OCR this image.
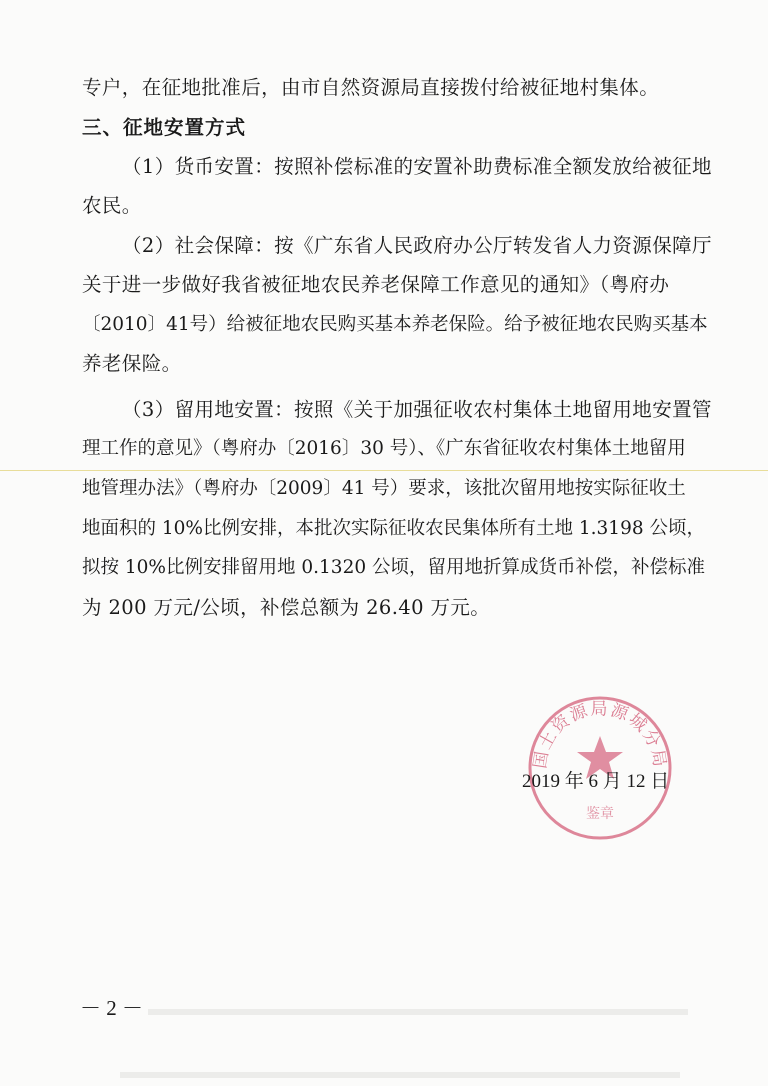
专户，在征地批准后，由市自然资源局直接拨付给被征地村集体。
三、征地安置方式
（1）货币安置：按照补偿标准的安置补助费标准全额发放给被征地
农民。
（2）社会保障：按《广东省人民政府办公厅转发省人力资源保障厅
关于进一步做好我省被征地农民养老保障工作意见的通知》（粤府办
〔2010〕41号）给被征地农民购买基本养老保险。给予被征地农民购买基本
养老保险。
（3）留用地安置：按照《关于加强征收农村集体土地留用地安置管
理工作的意见》（粤府办〔2016〕30 号）、《广东省征收农村集体土地留用
地管理办法》（粤府办〔2009〕41 号）要求，该批次留用地按实际征收土
地面积的 10%比例安排，本批次实际征收农民集体所有土地 1.3198 公顷，
拟按 10%比例安排留用地 0.1320 公顷，留用地折算成货币补偿，补偿标准
为 200 万元/公顷，补偿总额为 26.40 万元。
国土资源局源城分局
鉴章
2019 年 6 月 12 日
－ 2 －
